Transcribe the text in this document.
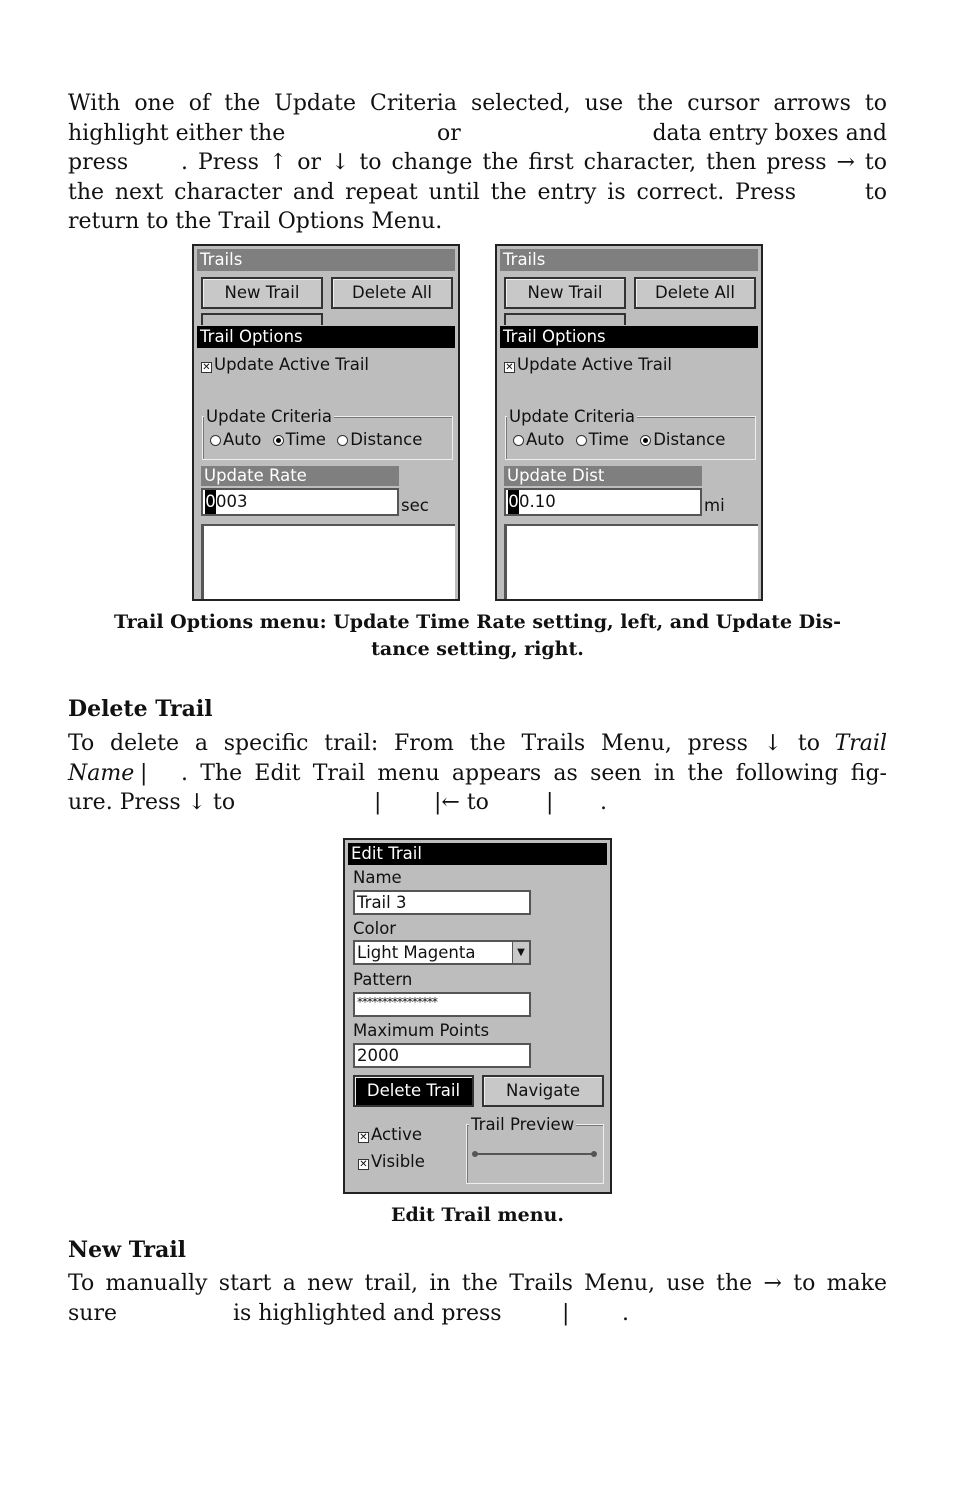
With one of the Update Criteria selected, use the cursor arrows to
highlight either the	or	data entry boxes and
press . Press ↑ or ↓ to change the first character, then press → to
the next character and repeat until the entry is correct. Press	to
return to the Trail Options Menu.
Trails
New Trail	Delete All
Trail Options
✕ Update Active Trail
Update Criteria
Auto Time Distance
Update Rate
0003	sec
Trails
New Trail	Delete All
Trail Options
✕ Update Active Trail
Update Criteria
Auto Time Distance
Update Dist
00.10	mi
Trail Options menu: Update Time Rate setting, left, and Update Dis-
tance setting, right.
Delete Trail
To delete a specific trail: From the Trails Menu, press ↓ to Trail
Name | . The Edit Trail menu appears as seen in the following fig-
ure. Press ↓ to	| |← to	| .
Edit Trail
Name
Trail 3
Color
Light Magenta	▼
Pattern
****************
Maximum Points
2000
Delete Trail	Navigate
✕ Active
✕ Visible
Trail Preview
Edit Trail menu.
New Trail
To manually start a new trail, in the Trails Menu, use the → to make
sure	is highlighted and press	| .
